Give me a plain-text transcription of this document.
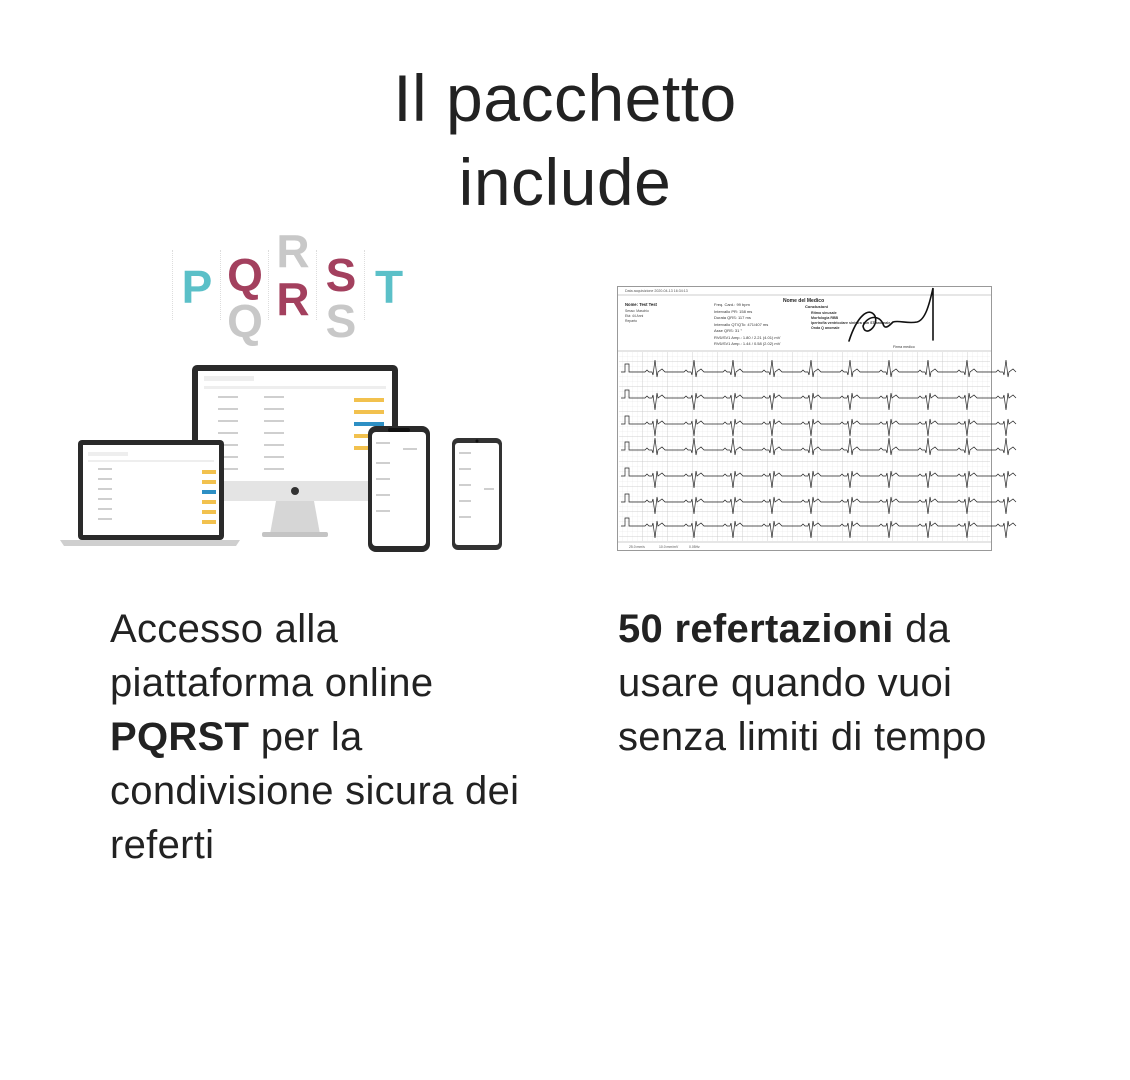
Il pacchetto
include
P Q
Q
R
R S
S
T	Data acquisizione 2020-04-13 16:34:13
Nome del Medico
Nome: Test Test
Sesso: Maschio
Età: 44 Anni
Reparto
Freq. Card.: 99 bpm
Intervallo PR: 158 ms
Durata QRS: 117 ms
Intervallo QT/QTc: 471/407 ms
Asse QRS: 31 °
RV6/SV1 Amp.: 1.80 / 2.21 (4.01) mV
RV6/SV1 Amp.: 1.44 / 0.58 (2.02) mV
Conclusioni
Ritmo sinusale
Morfologia RBB
Ipertrofia ventricolare sinistra con ST anomale
Onda Q anomale
Firma medico
25.0 mm/s	10.0 mm/mV	0.05Hz
Accesso alla piattaforma online PQRST per la condivisione sicura dei referti
50 refertazioni da usare quando vuoi senza limiti di tempo
